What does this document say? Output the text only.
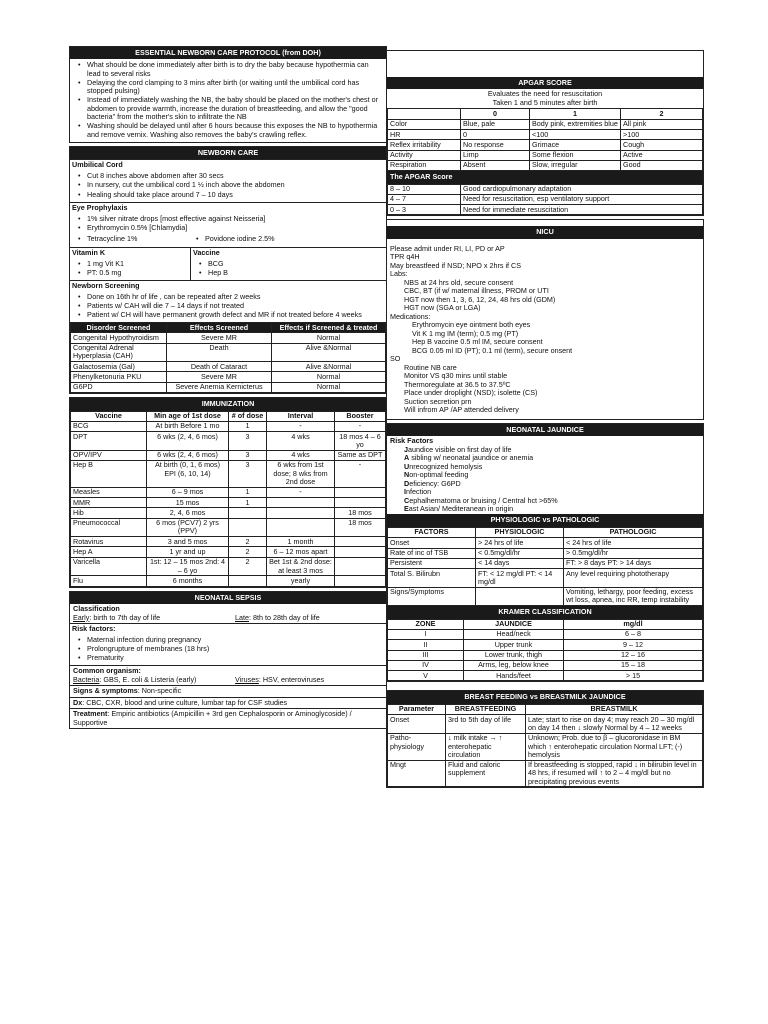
ESSENTIAL NEWBORN CARE PROTOCOL (from DOH)
• What should be done immediately after birth is to dry the baby because hypothermia can lead to several risks
• Delaying the cord clamping to 3 mins after birth (or waiting until the umbilical cord has stopped pulsing)
• Instead of immediately washing the NB, the baby should be placed on the mother's chest or abdomen to provide warmth, increase the duration of breastfeeding, and allow the "good bacteria" from the mother's skin to infiltrate the NB
• Washing should be delayed until after 6 hours because this exposes the NB to hypothermia and remove vernix. Washing also removes the baby's crawling reflex.
NEWBORN CARE
Umbilical Cord
• Cut 8 inches above abdomen after 30 secs
• In nursery, cut the umbilical cord 1 ½ inch above the abdomen
• Healing should take place around 7 – 10 days
Eye Prophylaxis
• 1% silver nitrate drops [most effective against Neisseria]
• Erythromycin 0.5% [Chlamydia]
• Tetracycline 1%	• Povidone iodine 2.5%
Vitamin K
• 1 mg Vit K1
• PT: 0.5 mg
Vaccine
• BCG
• Hep B
Newborn Screening
• Done on 16th hr of life , can be repeated after 2 weeks
• Patients w/ CAH will die 7 – 14 days if not treated
• Patient w/ CH will have permanent growth defect and MR if not treated before 4 weeks
Disorder Screened	Effects Screened	Effects if Screened & treated
Congenital Hypothyroidism	Severe MR	Normal
Congenital Adrenal Hyperplasia (CAH)	Death	Alive &Normal
Galactosemia (Gal)	Death of Cataract	Alive &Normal
Phenylketonuria PKU	Severe MR	Normal
G6PD	Severe Anemia Kernicterus	Normal
IMMUNIZATION
Vaccine	Min age of 1st dose	# of dose	Interval	Booster
BCG	At birth Before 1 mo	1	-	-
DPT	6 wks (2, 4, 6 mos)	3	4 wks	18 mos 4 – 6 yo
OPV/IPV	6 wks (2, 4, 6 mos)	3	4 wks	Same as DPT
Hep B	At birth (0, 1, 6 mos) EPI (6, 10, 14)	3	6 wks from 1st dose; 8 wks from 2nd dose	-
Measles	6 – 9 mos	1	-	
MMR	15 mos	1		
Hib	2, 4, 6 mos			18 mos
Pneumococcal	6 mos (PCV7) 2 yrs (PPV)			18 mos
Rotavirus	3 and 5 mos	2	1 month	
Hep A	1 yr and up	2	6 – 12 mos apart	
Varicella	1st: 12 – 15 mos 2nd: 4 – 6 yo	2	Bet 1st & 2nd dose: at least 3 mos	
Flu	6 months		yearly	
NEONATAL SEPSIS
Classification
Early: birth to 7th day of life	Late: 8th to 28th day of life
Risk factors:
• Maternal infection during pregnancy
• Prolongrupture of membranes (18 hrs)
• Prematurity
Common organism:
Bacteria: GBS, E. coli & Listeria (early)	Viruses: HSV, enteroviruses
Signs & symptoms: Non-specific
Dx: CBC, CXR, blood and urine culture, lumbar tap for CSF studies
Treatment: Empiric antibiotics (Ampicillin + 3rd gen Cephalosporin or Aminoglycoside) / Supportive
APGAR SCORE
Evaluates the need for resuscitation
Taken 1 and 5 minutes after birth
	0	1	2
Color	Blue, pale	Body pink, extremities blue	All pink
HR	0	<100	>100
Reflex irritability	No response	Grimace	Cough
Activity	Limp	Some flexion	Active
Respiration	Absent	Slow, irregular	Good
The APGAR Score
8 – 10	Good cardiopulmonary adaptation
4 – 7	Need for resuscitation, esp ventilatory support
0 – 3	Need for immediate resuscitation
NICU
Please admit under RI, LI, PD or AP
TPR q4H
May breastfeed if NSD; NPO x 2hrs if CS
Labs:
NBS at 24 hrs old, secure consent
CBC, BT (if w/ maternal illness, PROM or UTI
HGT now then 1, 3, 6, 12, 24, 48 hrs old (GDM)
HGT now (SGA or LGA)
Medications:
Erythromycin eye ointment both eyes
Vit K 1 mg IM (term); 0.5 mg (PT)
Hep B vaccine 0.5 ml IM, secure consent
BCG 0.05 ml ID (PT); 0.1 ml (term), secure onsent
SO
Routine NB care
Monitor VS q30 mins until stable
Thermoregulate at 36.5 to 37.5ºC
Place under droplight (NSD); isolette (CS)
Suction secretion prn
Will infrom AP /AP attended delivery
NEONATAL JAUNDICE
Risk Factors
Jaundice visible on first day of life
A sibling w/ neonatal jaundice or anemia
Unrecognized hemolysis
Non-optimal feeding
Deficiency: G6PD
Infection
Cephalhematoma or bruising / Central hct >65%
East Asian/ Mediteranean in origin
PHYSIOLOGIC vs PATHOLOGIC
FACTORS	PHYSIOLOGIC	PATHOLOGIC
Onset	> 24 hrs of life	< 24 hrs of life
Rate of inc of TSB	< 0.5mg/dl/hr	> 0.5mg/dl/hr
Persistent	< 14 days	FT: > 8 days PT: > 14 days
Total S. Bilirubn	FT: < 12 mg/dl PT: < 14 mg/dl	Any level requiring phototherapy
Signs/Symptoms		Vomiting, lethargy, poor feeding, excess wt loss, apnea, inc RR, temp instability
KRAMER CLASSIFICATION
ZONE	JAUNDICE	mg/dl
I	Head/neck	6 – 8
II	Upper trunk	9 – 12
III	Lower trunk, thigh	12 – 16
IV	Arms, leg, below knee	15 – 18
V	Hands/feet	> 15
BREAST FEEDING vs BREASTMILK JAUNDICE
Parameter	BREASTFEEDING	BREASTMILK
Onset	3rd to 5th day of life	Late; start to rise on day 4; may reach 20 – 30 mg/dl on day 14 then ↓ slowly Normal by 4 – 12 weeks
Patho-physiology	↓ milk intake → ↑ enterohepatic circulation	Unknown; Prob. due to β – glucoronidase in BM which ↑ enterohepatic circulation Normal LFT; (-) hemolysis
Mngt	Fluid and caloric supplement	If breastfeeding is stopped, rapid ↓ in bilirubin level in 48 hrs, if resumed will ↑ to 2 – 4 mg/dl but no precipitating previous events
